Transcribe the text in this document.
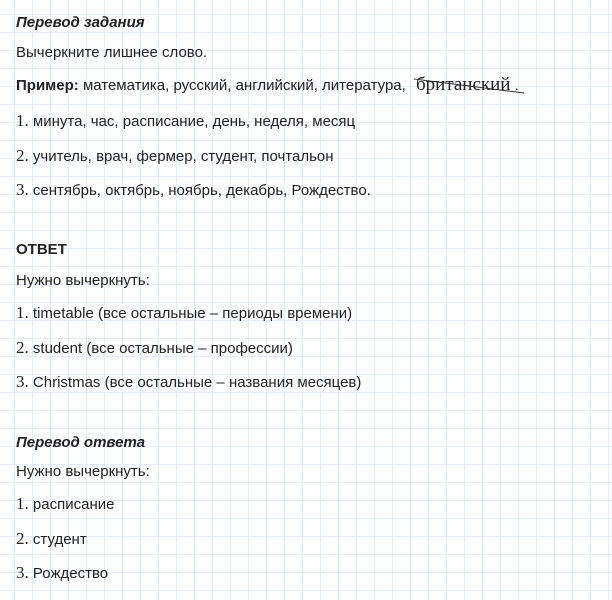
Перевод задания
Вычеркните лишнее слово.
Пример: математика, русский, английский, литература, британский .
1. минута, час, расписание, день, неделя, месяц
2. учитель, врач, фермер, студент, почтальон
3. сентябрь, октябрь, ноябрь, декабрь, Рождество.
ОТВЕТ
Нужно вычеркнуть:
1. timetable (все остальные – периоды времени)
2. student (все остальные – профессии)
3. Christmas (все остальные – названия месяцев)
Перевод ответа
Нужно вычеркнуть:
1. расписание
2. студент
3. Рождество
